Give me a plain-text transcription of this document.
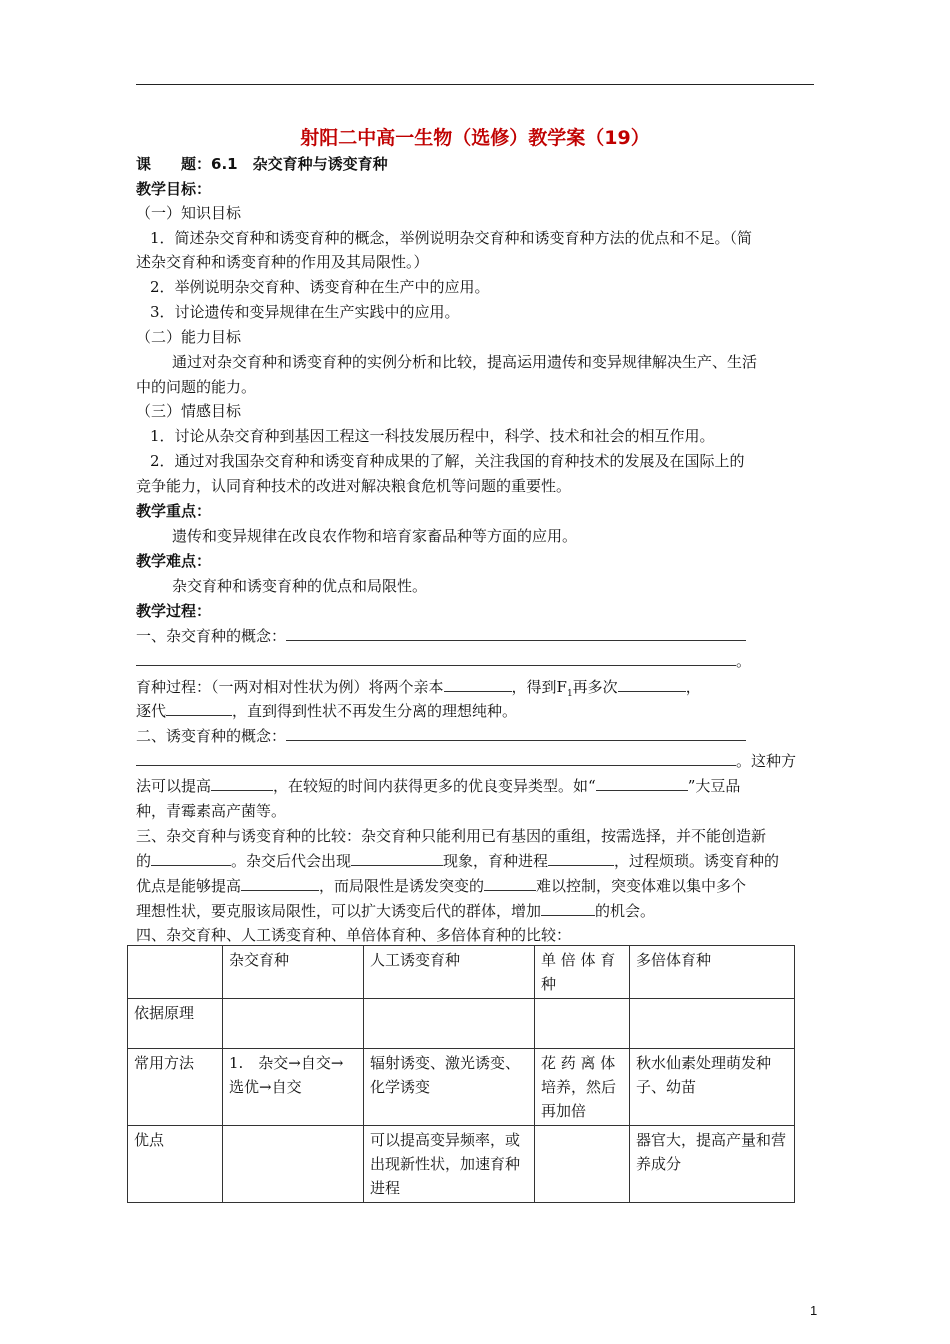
射阳二中高一生物（选修）教学案（19）
课　　题：6.1　杂交育种与诱变育种
教学目标：
（一）知识目标
1．简述杂交育种和诱变育种的概念，举例说明杂交育种和诱变育种方法的优点和不足。（简
述杂交育种和诱变育种的作用及其局限性。）
2．举例说明杂交育种、诱变育种在生产中的应用。
3．讨论遗传和变异规律在生产实践中的应用。
（二）能力目标
通过对杂交育种和诱变育种的实例分析和比较，提高运用遗传和变异规律解决生产、生活
中的问题的能力。
（三）情感目标
1．讨论从杂交育种到基因工程这一科技发展历程中，科学、技术和社会的相互作用。
2．通过对我国杂交育种和诱变育种成果的了解，关注我国的育种技术的发展及在国际上的
竞争能力，认同育种技术的改进对解决粮食危机等问题的重要性。
教学重点：
遗传和变异规律在改良农作物和培育家畜品种等方面的应用。
教学难点：
杂交育种和诱变育种的优点和局限性。
教学过程：
一、杂交育种的概念：
。
育种过程：（一两对相对性状为例）将两个亲本	，得到$F_1$再多次	，
逐代	，直到得到性状不再发生分离的理想纯种。
二、诱变育种的概念：
。这种方
法可以提高	，在较短的时间内获得更多的优良变异类型。如“	”大豆品
种，青霉素高产菌等。
三、杂交育种与诱变育种的比较：杂交育种只能利用已有基因的重组，按需选择，并不能创造新
的	。杂交后代会出现	现象，育种进程	，过程烦琐。诱变育种的
优点是能够提高	，而局限性是诱发突变的	难以控制，突变体难以集中多个
理想性状，要克服该局限性，可以扩大诱变后代的群体，增加	的机会。
四、杂交育种、人工诱变育种、单倍体育种、多倍体育种的比较：
	杂交育种	人工诱变育种	单 倍 体 育 种	多倍体育种
依据原理				
常用方法	1.　杂交→自交→选优→自交	辐射诱变、激光诱变、化学诱变	花 药 离 体 培养，然后再加倍	秋水仙素处理萌发种子、幼苗
优点		可以提高变异频率，或出现新性状，加速育种进程		器官大，提高产量和营养成分
1
